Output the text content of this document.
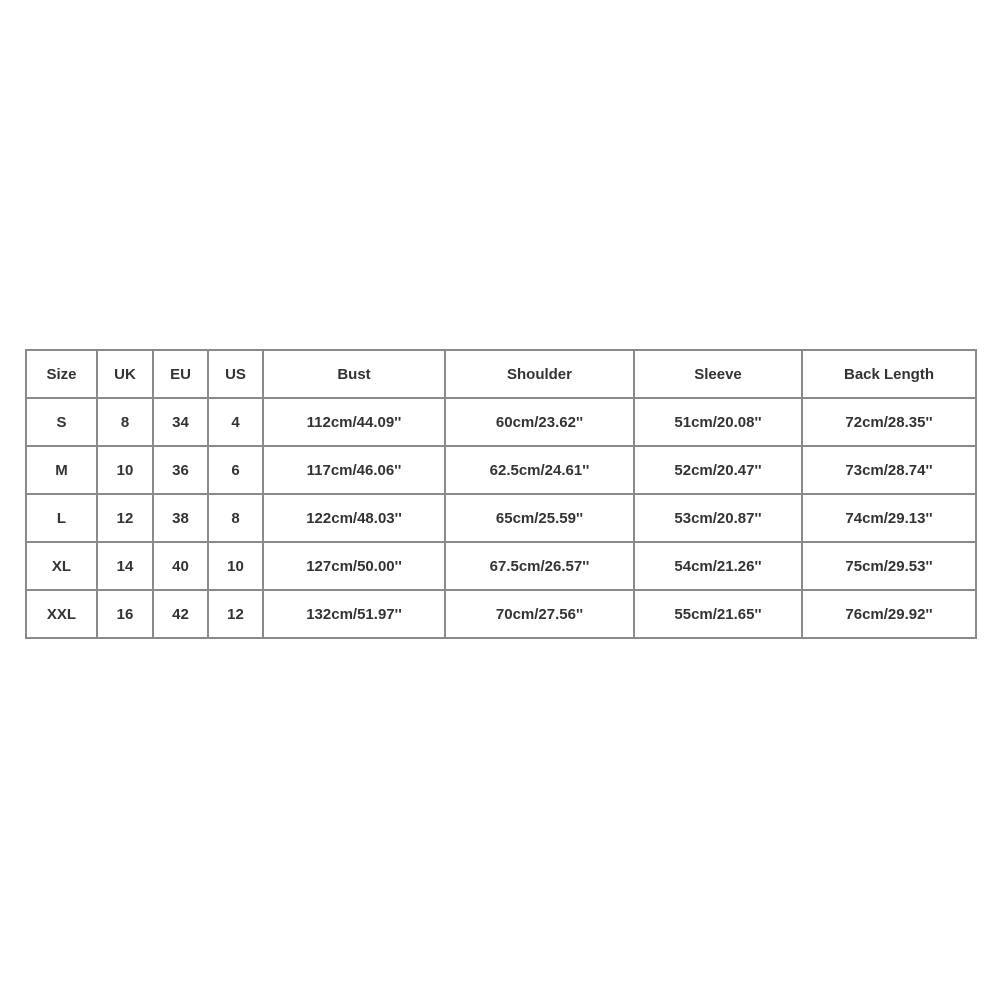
Size	UK	EU	US	Bust	Shoulder	Sleeve	Back Length
S	8	34	4	112cm/44.09''	60cm/23.62''	51cm/20.08''	72cm/28.35''
M	10	36	6	117cm/46.06''	62.5cm/24.61''	52cm/20.47''	73cm/28.74''
L	12	38	8	122cm/48.03''	65cm/25.59''	53cm/20.87''	74cm/29.13''
XL	14	40	10	127cm/50.00''	67.5cm/26.57''	54cm/21.26''	75cm/29.53''
XXL	16	42	12	132cm/51.97''	70cm/27.56''	55cm/21.65''	76cm/29.92''
